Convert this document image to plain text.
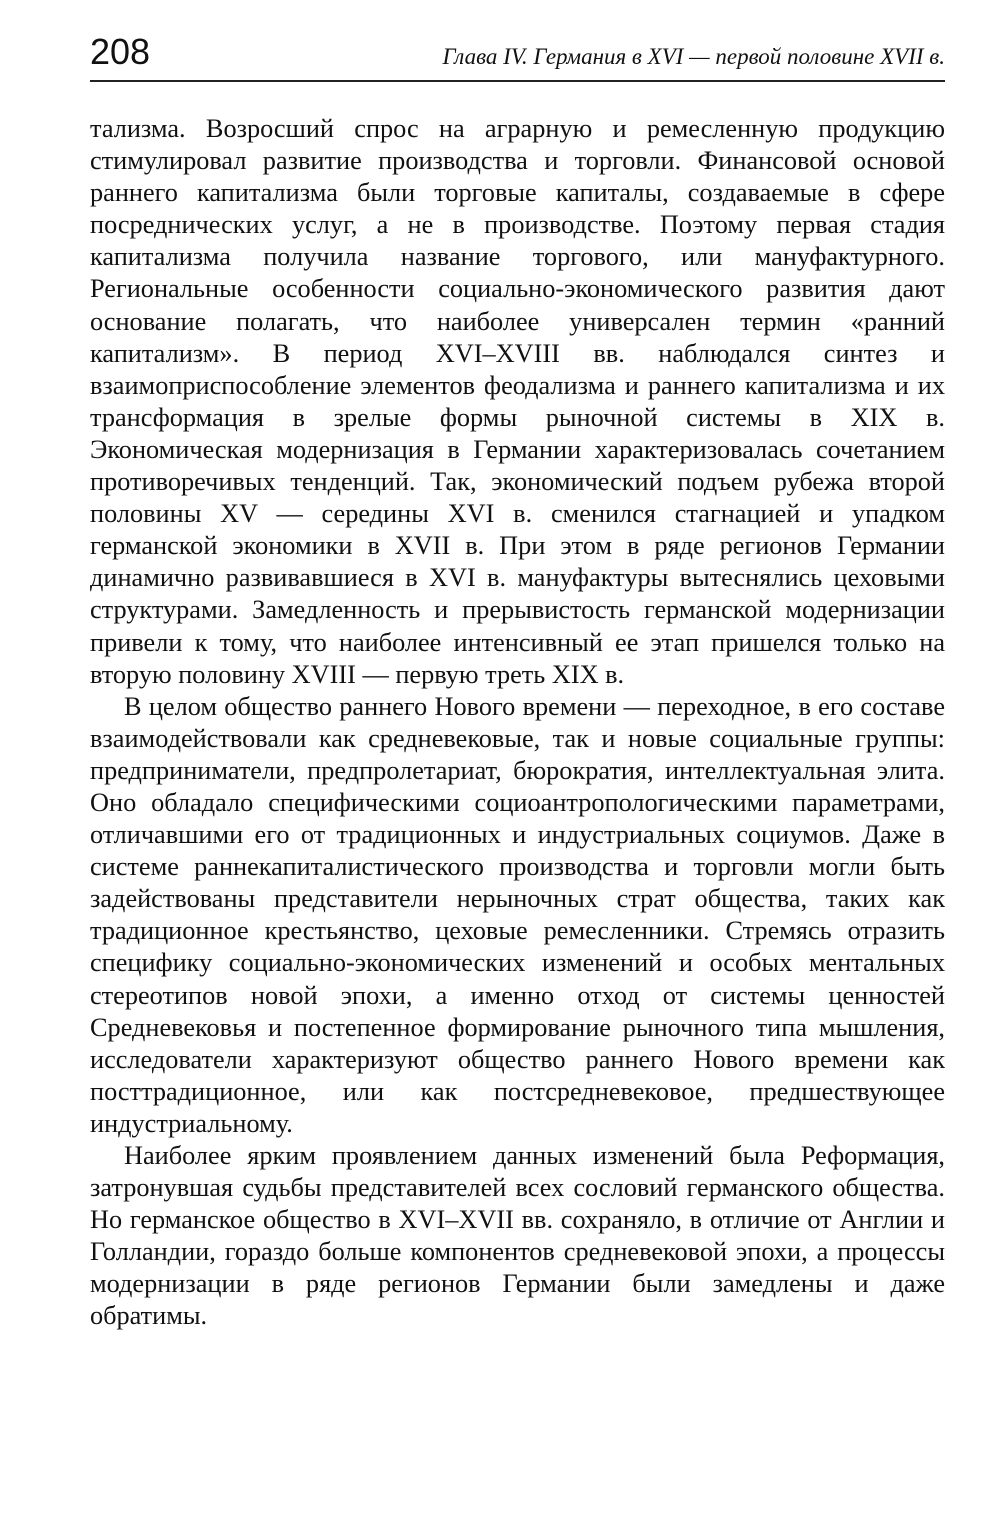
208	Глава IV. Германия в XVI — первой половине XVII в.

тализма. Возросший спрос на аграрную и ремесленную продукцию стимулировал развитие производства и торговли. Финансовой основой раннего капитализма были торговые капиталы, создаваемые в сфере посреднических услуг, а не в производстве. Поэтому первая стадия капитализма получила название торгового, или мануфактурного. Региональные особенности социально-экономического развития дают основание полагать, что наиболее универсален термин «ранний капитализм». В период XVI–XVIII вв. наблюдался синтез и взаимоприспособление элементов феодализма и раннего капитализма и их трансформация в зрелые формы рыночной системы в XIX в. Экономическая модернизация в Германии характеризовалась сочетанием противоречивых тенденций. Так, экономический подъем рубежа второй половины XV — середины XVI в. сменился стагнацией и упадком германской экономики в XVII в. При этом в ряде регионов Германии динамично развивавшиеся в XVI в. мануфактуры вытеснялись цеховыми структурами. Замедленность и прерывистость германской модернизации привели к тому, что наиболее интенсивный ее этап пришелся только на вторую половину XVIII — первую треть XIX в.

В целом общество раннего Нового времени — переходное, в его составе взаимодействовали как средневековые, так и новые социальные группы: предприниматели, предпролетариат, бюрократия, интеллектуальная элита. Оно обладало специфическими социоантропологическими параметрами, отличавшими его от традиционных и индустриальных социумов. Даже в системе раннекапиталистического производства и торговли могли быть задействованы представители нерыночных страт общества, таких как традиционное крестьянство, цеховые ремесленники. Стремясь отразить специфику социально-экономических изменений и особых ментальных стереотипов новой эпохи, а именно отход от системы ценностей Средневековья и постепенное формирование рыночного типа мышления, исследователи характеризуют общество раннего Нового времени как посттрадиционное, или как постсредневековое, предшествующее индустриальному.

Наиболее ярким проявлением данных изменений была Реформация, затронувшая судьбы представителей всех сословий германского общества. Но германское общество в XVI–XVII вв. сохраняло, в отличие от Англии и Голландии, гораздо больше компонентов средневековой эпохи, а процессы модернизации в ряде регионов Германии были замедлены и даже обратимы.
